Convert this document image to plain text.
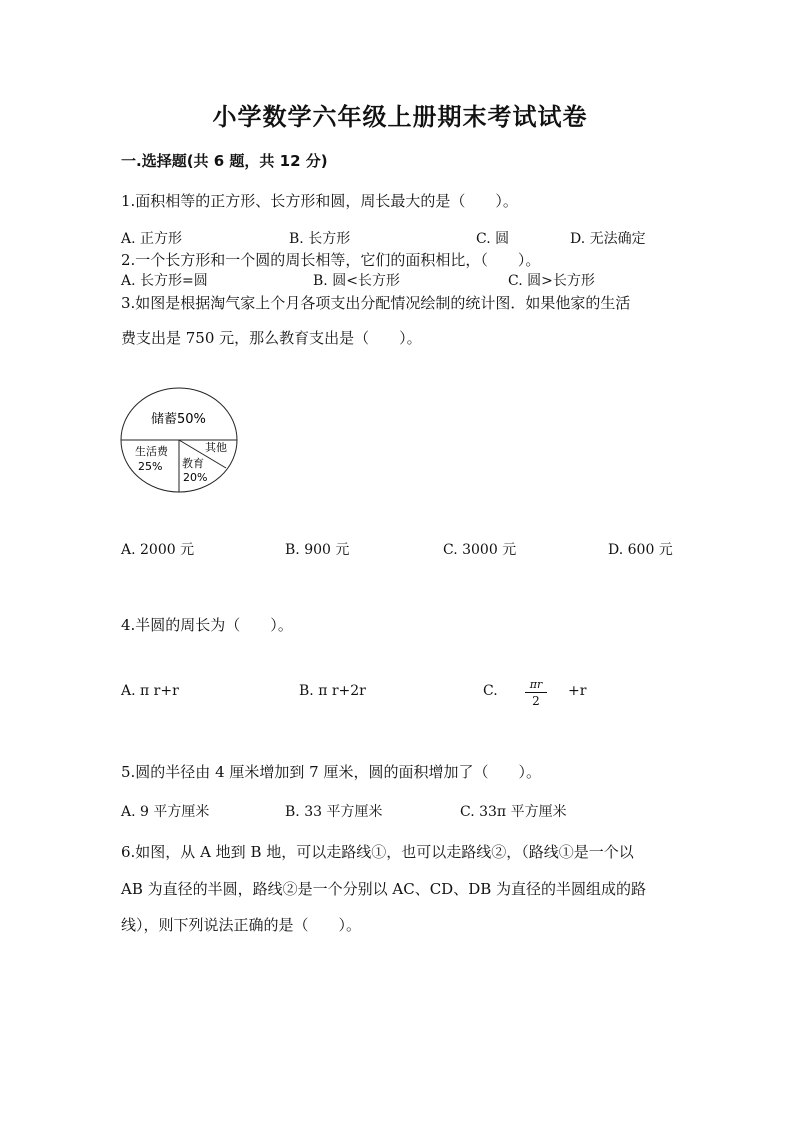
小学数学六年级上册期末考试试卷
一.选择题(共 6 题，共 12 分)
1.面积相等的正方形、长方形和圆，周长最大的是（　　）。
A. 正方形	B. 长方形	C. 圆	D. 无法确定
2.一个长方形和一个圆的周长相等，它们的面积相比，（　　）。
A. 长方形=圆	B. 圆<长方形	C. 圆>长方形
3.如图是根据淘气家上个月各项支出分配情况绘制的统计图．如果他家的生活
费支出是 750 元，那么教育支出是（　　）。
储蓄50%
生活费
25% 教育
20%
其他
A. 2000 元	B. 900 元	C. 3000 元	D. 600 元
4.半圆的周长为（　　）。
A. π r+r	B. π r+2r	C.	πr
2
+r
5.圆的半径由 4 厘米增加到 7 厘米，圆的面积增加了（　　）。
A. 9 平方厘米	B. 33 平方厘米	C. 33π 平方厘米
6.如图，从 A 地到 B 地，可以走路线①，也可以走路线②，（路线①是一个以
AB 为直径的半圆，路线②是一个分别以 AC、CD、DB 为直径的半圆组成的路
线），则下列说法正确的是（　　）。
